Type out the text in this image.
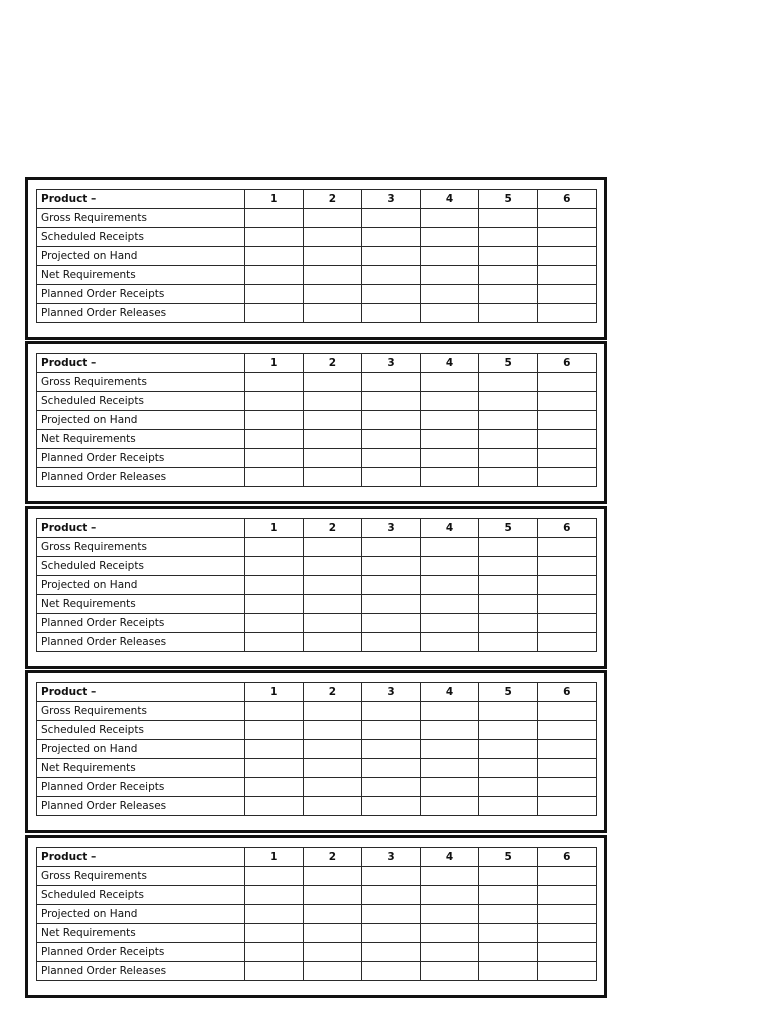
Product –	1	2	3	4	5	6
Gross Requirements						
Scheduled Receipts						
Projected on Hand						
Net Requirements						
Planned Order Receipts						
Planned Order Releases						
Product –	1	2	3	4	5	6
Gross Requirements						
Scheduled Receipts						
Projected on Hand						
Net Requirements						
Planned Order Receipts						
Planned Order Releases						
Product –	1	2	3	4	5	6
Gross Requirements						
Scheduled Receipts						
Projected on Hand						
Net Requirements						
Planned Order Receipts						
Planned Order Releases						
Product –	1	2	3	4	5	6
Gross Requirements						
Scheduled Receipts						
Projected on Hand						
Net Requirements						
Planned Order Receipts						
Planned Order Releases						
Product –	1	2	3	4	5	6
Gross Requirements						
Scheduled Receipts						
Projected on Hand						
Net Requirements						
Planned Order Receipts						
Planned Order Releases						
